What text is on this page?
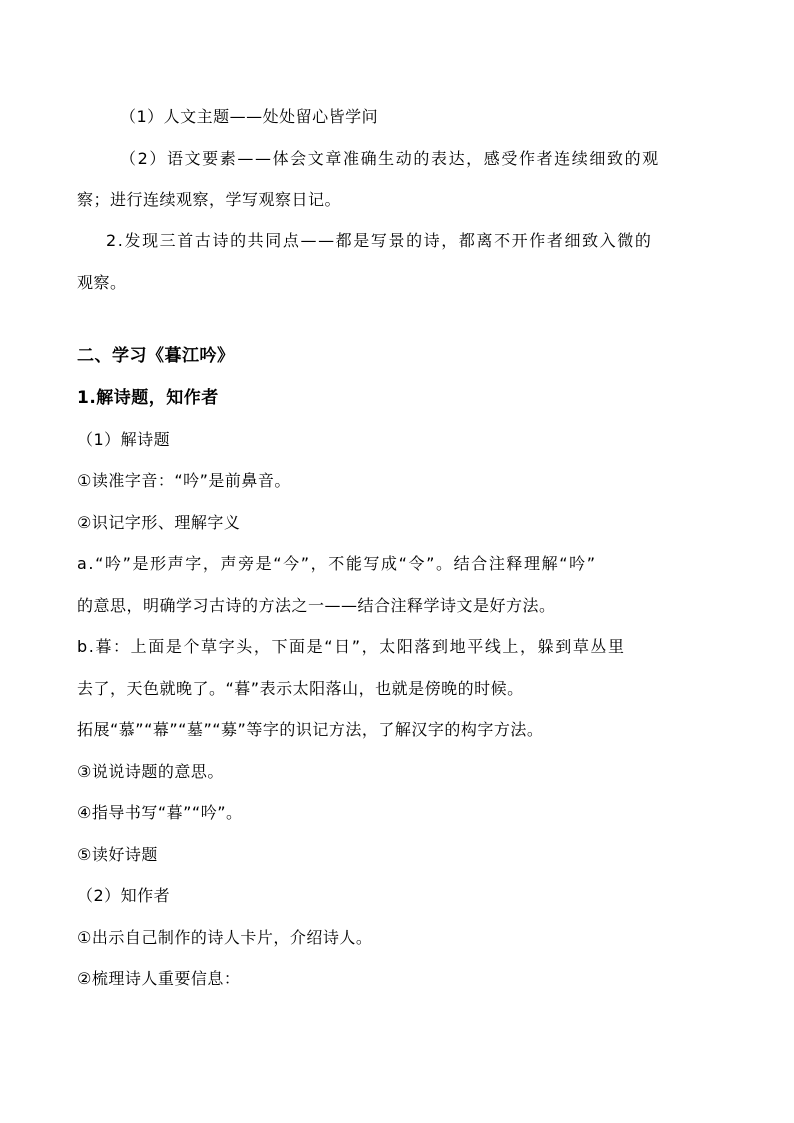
（1）人文主题——处处留心皆学问
（2）语文要素——体会文章准确生动的表达，感受作者连续细致的观
察；进行连续观察，学写观察日记。
2.发现三首古诗的共同点——都是写景的诗，都离不开作者细致入微的
观察。
二、学习《暮江吟》
1.解诗题，知作者
（1）解诗题
①读准字音：“吟”是前鼻音。
②识记字形、理解字义
a.“吟”是形声字，声旁是“今”，不能写成“令”。结合注释理解“吟”
的意思，明确学习古诗的方法之一——结合注释学诗文是好方法。
b.暮：上面是个草字头，下面是“日”，太阳落到地平线上，躲到草丛里
去了，天色就晚了。“暮”表示太阳落山，也就是傍晚的时候。
拓展“慕”“幕”“墓”“募”等字的识记方法，了解汉字的构字方法。
③说说诗题的意思。
④指导书写“暮”“吟”。
⑤读好诗题
（2）知作者
①出示自己制作的诗人卡片，介绍诗人。
②梳理诗人重要信息：
